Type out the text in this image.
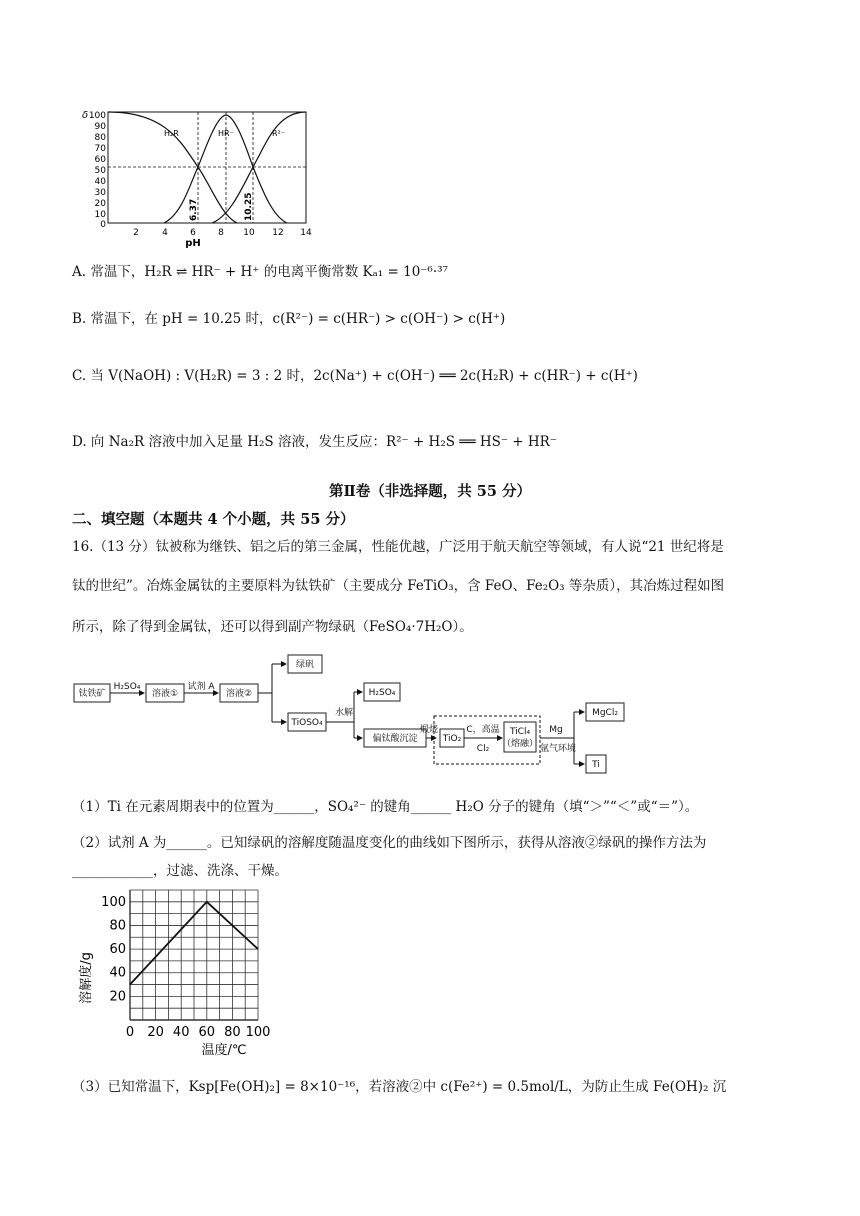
δ 100
90
80
70
60
50
40
30
20
10
0
2	4 6 8 10 12 14
pH
H₂R	HR⁻	R²⁻
6.37	10.25
A. 常温下，H₂R ⇌ HR⁻ + H⁺ 的电离平衡常数 Kₐ₁ = 10⁻⁶·³⁷
B. 常温下，在 pH = 10.25 时，c(R²⁻) = c(HR⁻) > c(OH⁻) > c(H⁺)
C. 当 V(NaOH) : V(H₂R) = 3 : 2 时，2c(Na⁺) + c(OH⁻) ══ 2c(H₂R) + c(HR⁻) + c(H⁺)
D. 向 Na₂R 溶液中加入足量 H₂S 溶液，发生反应：R²⁻ + H₂S ══ HS⁻ + HR⁻
第Ⅱ卷（非选择题，共 55 分）
二、填空题（本题共 4 个小题，共 55 分）
16.（13 分）钛被称为继铁、铝之后的第三金属，性能优越，广泛用于航天航空等领域，有人说“21 世纪将是
钛的世纪”。冶炼金属钛的主要原料为钛铁矿（主要成分 FeTiO₃，含 FeO、Fe₂O₃ 等杂质），其冶炼过程如图
所示，除了得到金属钛，还可以得到副产物绿矾（FeSO₄·7H₂O）。
钛铁矿
H₂SO₄
溶液①
试剂 A
溶液②
绿矾
TiOSO₄
水解
H₂SO₄
偏钛酸沉淀
煅烧
TiO₂
C，高温
Cl₂
TiCl₄
（熔融）
Mg
氩气环境
MgCl₂
Ti
（1）Ti 在元素周期表中的位置为______，SO₄²⁻ 的键角______ H₂O 分子的键角（填“＞”“＜”或“＝”）。
（2）试剂 A 为______。已知绿矾的溶解度随温度变化的曲线如下图所示，获得从溶液②绿矾的操作方法为
____________，过滤、洗涤、干燥。
溶解度/g
100
80
60
40
20
0 20 40 60 80 100
温度/℃
（3）已知常温下，Ksp[Fe(OH)₂] = 8×10⁻¹⁶，若溶液②中 c(Fe²⁺) = 0.5mol/L，为防止生成 Fe(OH)₂ 沉
